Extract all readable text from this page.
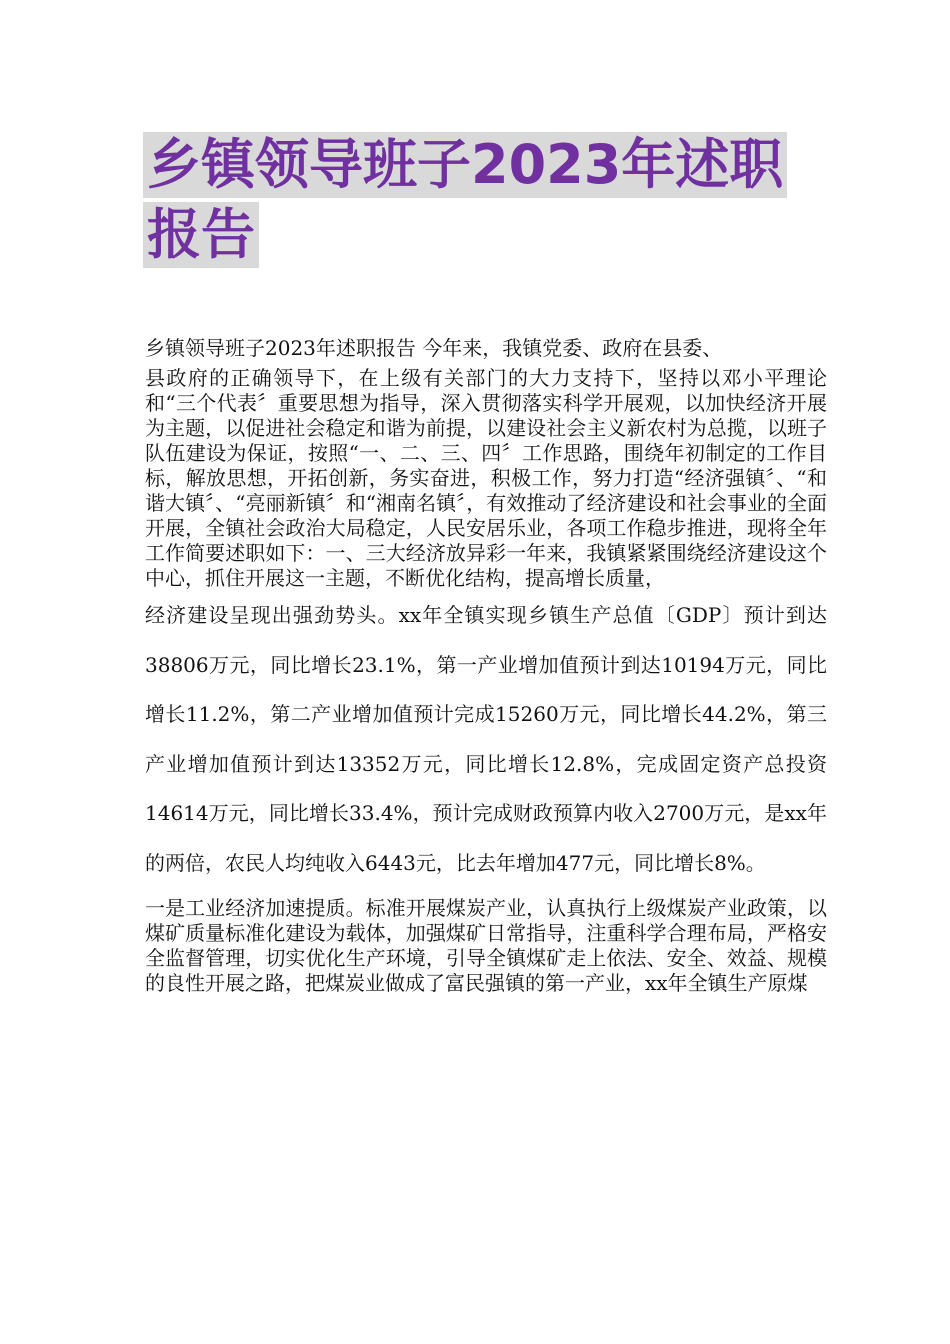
乡镇领导班子2023年述职
报告

乡镇领导班子2023年述职报告 今年来，我镇党委、政府在县委、
县政府的正确领导下，在上级有关部门的大力支持下，坚持以邓小平理论和“三个代表〞重要思想为指导，深入贯彻落实科学开展观，以加快经济开展为主题，以促进社会稳定和谐为前提，以建设社会主义新农村为总揽，以班子队伍建设为保证，按照“一、二、三、四〞工作思路，围绕年初制定的工作目标，解放思想，开拓创新，务实奋进，积极工作，努力打造“经济强镇〞、“和谐大镇〞、“亮丽新镇〞和“湘南名镇〞，有效推动了经济建设和社会事业的全面开展，全镇社会政治大局稳定，人民安居乐业，各项工作稳步推进，现将全年工作简要述职如下：一、三大经济放异彩一年来，我镇紧紧围绕经济建设这个中心，抓住开展这一主题，不断优化结构，提高增长质量，

经济建设呈现出强劲势头。xx年全镇实现乡镇生产总值〔GDP〕预计到达38806万元，同比增长23.1%，第一产业增加值预计到达10194万元，同比增长11.2%，第二产业增加值预计完成15260万元，同比增长44.2%，第三产业增加值预计到达13352万元，同比增长12.8%，完成固定资产总投资14614万元，同比增长33.4%，预计完成财政预算内收入2700万元，是xx年的两倍，农民人均纯收入6443元，比去年增加477元，同比增长8%。

一是工业经济加速提质。标准开展煤炭产业，认真执行上级煤炭产业政策，以煤矿质量标准化建设为载体，加强煤矿日常指导，注重科学合理布局，严格安全监督管理，切实优化生产环境，引导全镇煤矿走上依法、安全、效益、规模的良性开展之路，把煤炭业做成了富民强镇的第一产业，xx年全镇生产原煤
